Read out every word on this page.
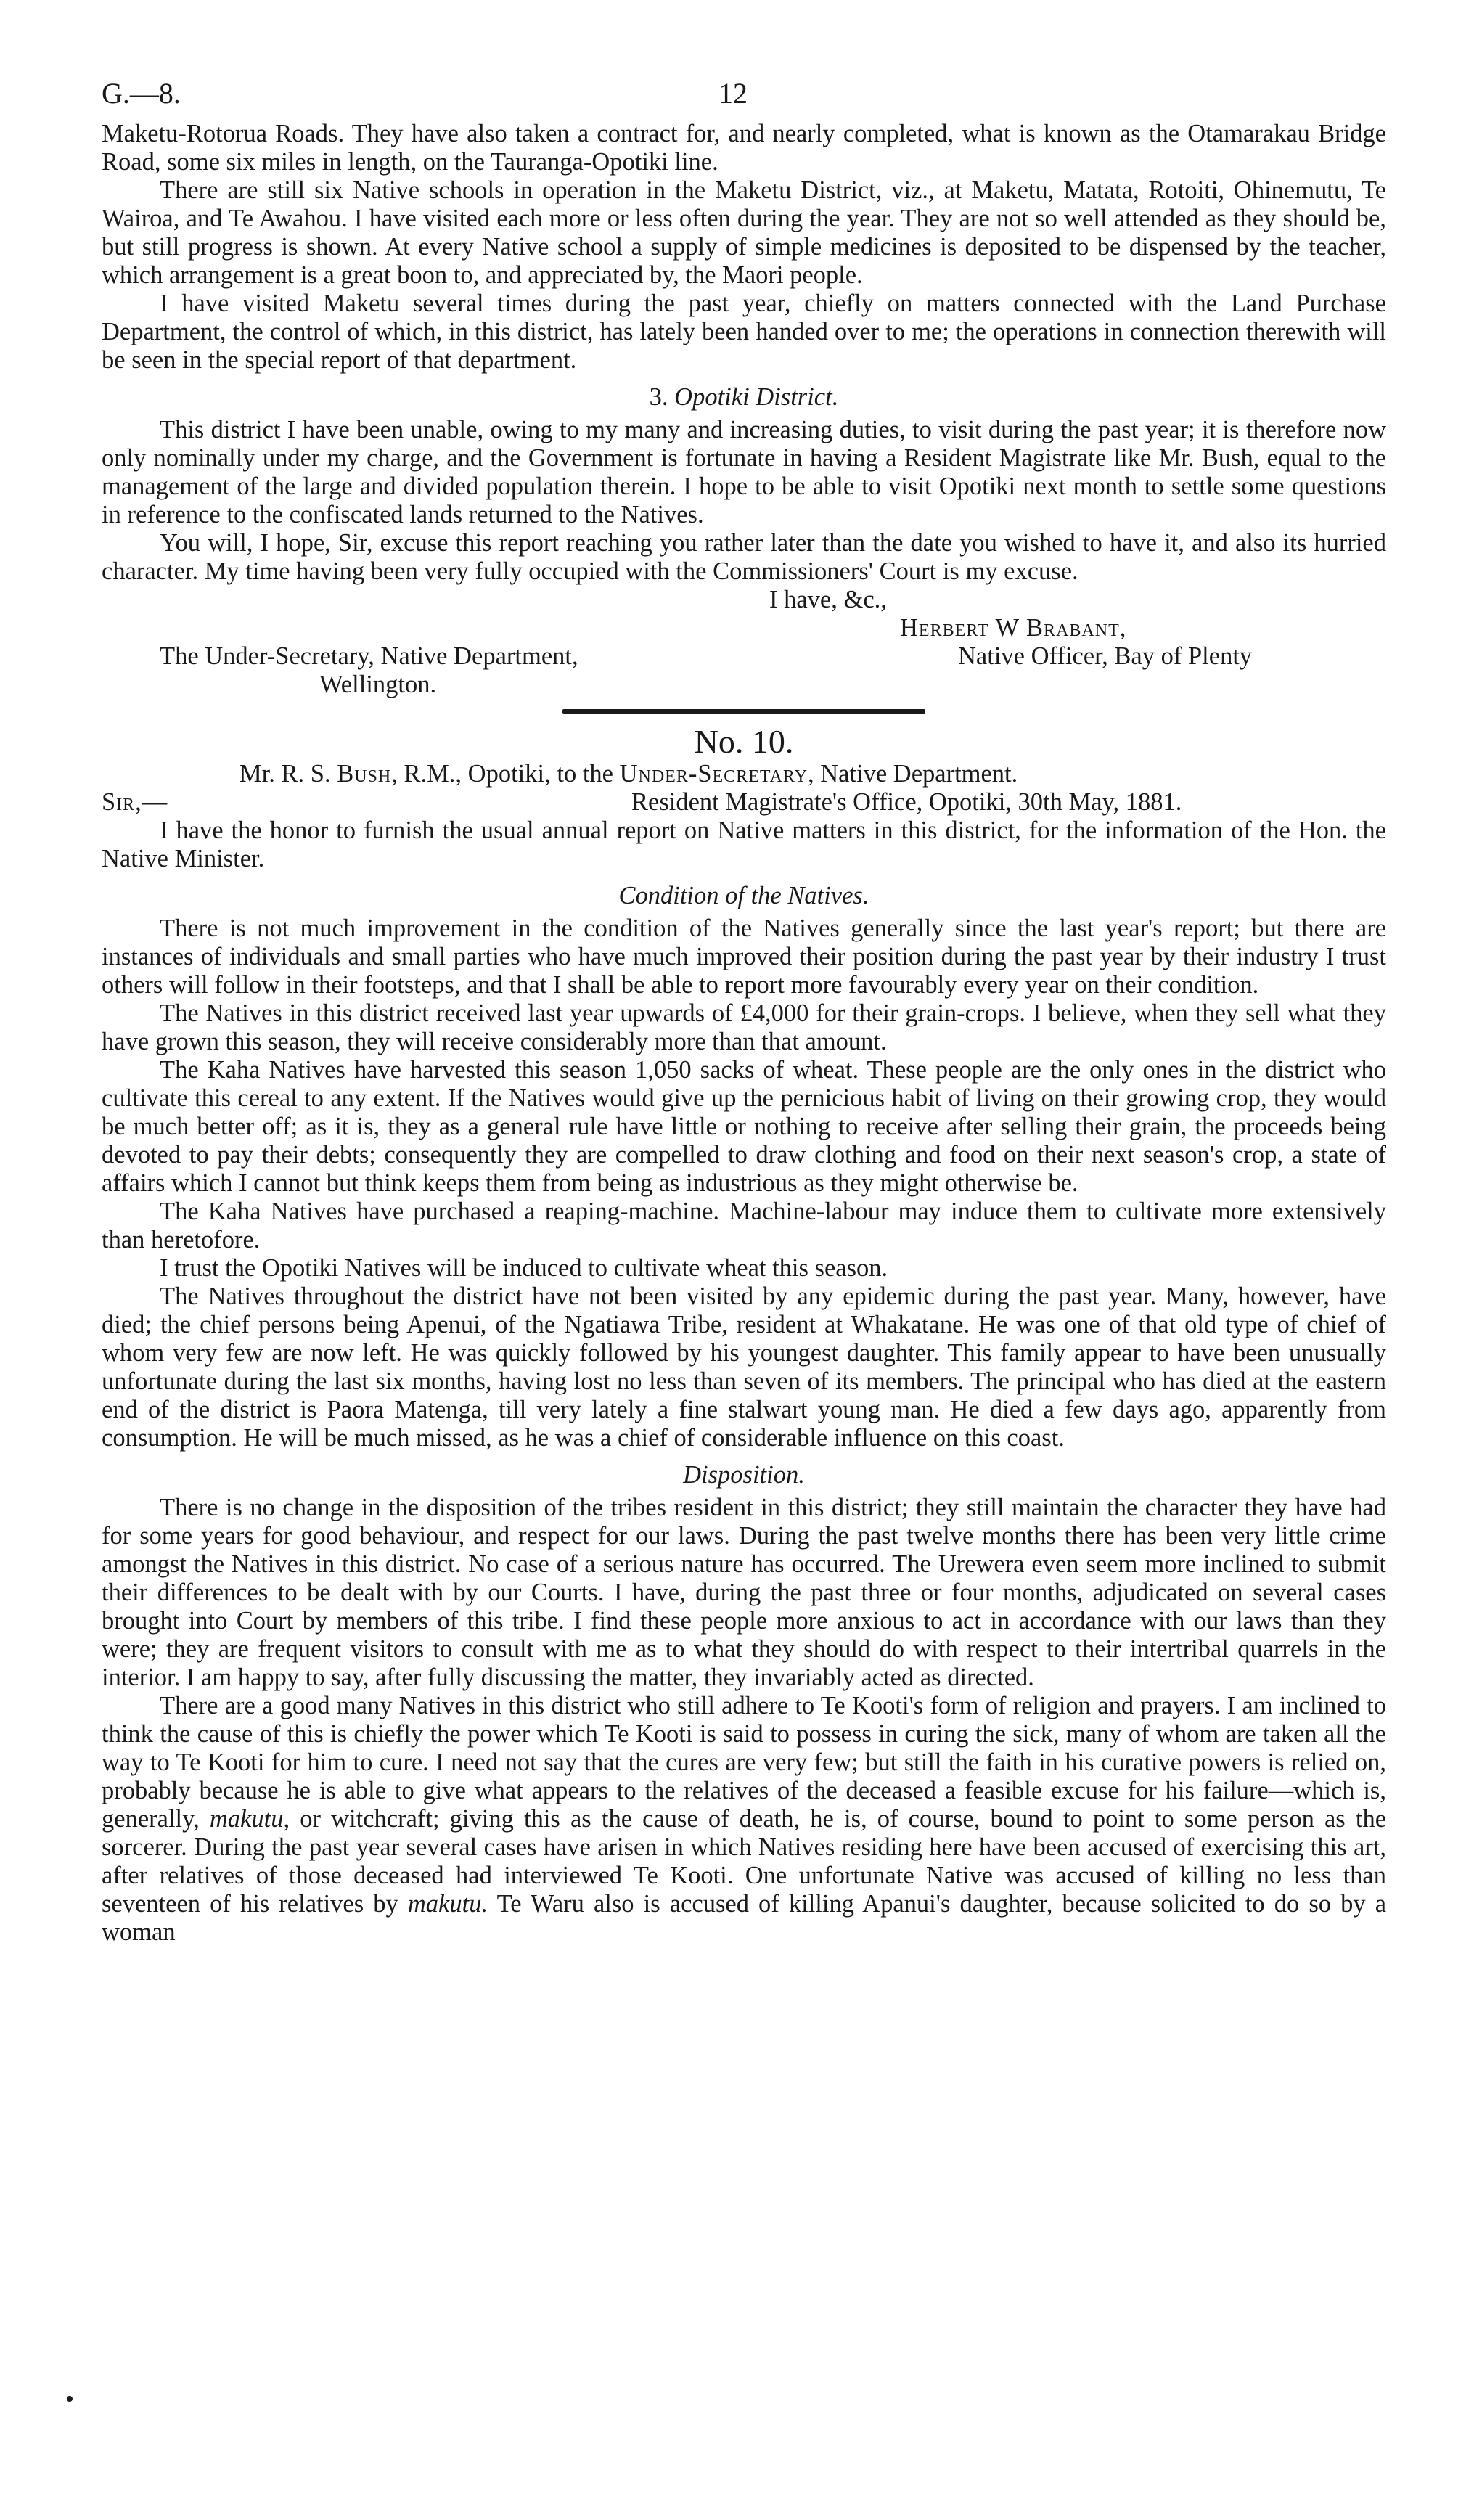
G.—8.	12

Maketu-Rotorua Roads. They have also taken a contract for, and nearly completed, what is known as the Otamarakau Bridge Road, some six miles in length, on the Tauranga-Opotiki line.

There are still six Native schools in operation in the Maketu District, viz., at Maketu, Matata, Rotoiti, Ohinemutu, Te Wairoa, and Te Awahou. I have visited each more or less often during the year. They are not so well attended as they should be, but still progress is shown. At every Native school a supply of simple medicines is deposited to be dispensed by the teacher, which arrangement is a great boon to, and appreciated by, the Maori people.

I have visited Maketu several times during the past year, chiefly on matters connected with the Land Purchase Department, the control of which, in this district, has lately been handed over to me; the operations in connection therewith will be seen in the special report of that department.

3. Opotiki District.

This district I have been unable, owing to my many and increasing duties, to visit during the past year; it is therefore now only nominally under my charge, and the Government is fortunate in having a Resident Magistrate like Mr. Bush, equal to the management of the large and divided population therein. I hope to be able to visit Opotiki next month to settle some questions in reference to the confiscated lands returned to the Natives.

You will, I hope, Sir, excuse this report reaching you rather later than the date you wished to have it, and also its hurried character. My time having been very fully occupied with the Commissioners' Court is my excuse.

I have, &c.,
Herbert W Brabant,
The Under-Secretary, Native Department,	Native Officer, Bay of Plenty
Wellington.
No. 10.
Mr. R. S. Bush, R.M., Opotiki, to the Under-Secretary, Native Department.
Sir,—	Resident Magistrate's Office, Opotiki, 30th May, 1881.

I have the honor to furnish the usual annual report on Native matters in this district, for the information of the Hon. the Native Minister.

Condition of the Natives.

There is not much improvement in the condition of the Natives generally since the last year's report; but there are instances of individuals and small parties who have much improved their position during the past year by their industry I trust others will follow in their footsteps, and that I shall be able to report more favourably every year on their condition.

The Natives in this district received last year upwards of £4,000 for their grain-crops. I believe, when they sell what they have grown this season, they will receive considerably more than that amount.

The Kaha Natives have harvested this season 1,050 sacks of wheat. These people are the only ones in the district who cultivate this cereal to any extent. If the Natives would give up the pernicious habit of living on their growing crop, they would be much better off; as it is, they as a general rule have little or nothing to receive after selling their grain, the proceeds being devoted to pay their debts; consequently they are compelled to draw clothing and food on their next season's crop, a state of affairs which I cannot but think keeps them from being as industrious as they might otherwise be.

The Kaha Natives have purchased a reaping-machine. Machine-labour may induce them to cultivate more extensively than heretofore.

I trust the Opotiki Natives will be induced to cultivate wheat this season.

The Natives throughout the district have not been visited by any epidemic during the past year. Many, however, have died; the chief persons being Apenui, of the Ngatiawa Tribe, resident at Whakatane. He was one of that old type of chief of whom very few are now left. He was quickly followed by his youngest daughter. This family appear to have been unusually unfortunate during the last six months, having lost no less than seven of its members. The principal who has died at the eastern end of the district is Paora Matenga, till very lately a fine stalwart young man. He died a few days ago, apparently from consumption. He will be much missed, as he was a chief of considerable influence on this coast.

Disposition.

There is no change in the disposition of the tribes resident in this district; they still maintain the character they have had for some years for good behaviour, and respect for our laws. During the past twelve months there has been very little crime amongst the Natives in this district. No case of a serious nature has occurred. The Urewera even seem more inclined to submit their differences to be dealt with by our Courts. I have, during the past three or four months, adjudicated on several cases brought into Court by members of this tribe. I find these people more anxious to act in accordance with our laws than they were; they are frequent visitors to consult with me as to what they should do with respect to their intertribal quarrels in the interior. I am happy to say, after fully discussing the matter, they invariably acted as directed.

There are a good many Natives in this district who still adhere to Te Kooti's form of religion and prayers. I am inclined to think the cause of this is chiefly the power which Te Kooti is said to possess in curing the sick, many of whom are taken all the way to Te Kooti for him to cure. I need not say that the cures are very few; but still the faith in his curative powers is relied on, probably because he is able to give what appears to the relatives of the deceased a feasible excuse for his failure—which is, generally, makutu, or witchcraft; giving this as the cause of death, he is, of course, bound to point to some person as the sorcerer. During the past year several cases have arisen in which Natives residing here have been accused of exercising this art, after relatives of those deceased had interviewed Te Kooti. One unfortunate Native was accused of killing no less than seventeen of his relatives by makutu. Te Waru also is accused of killing Apanui's daughter, because solicited to do so by a woman

•
